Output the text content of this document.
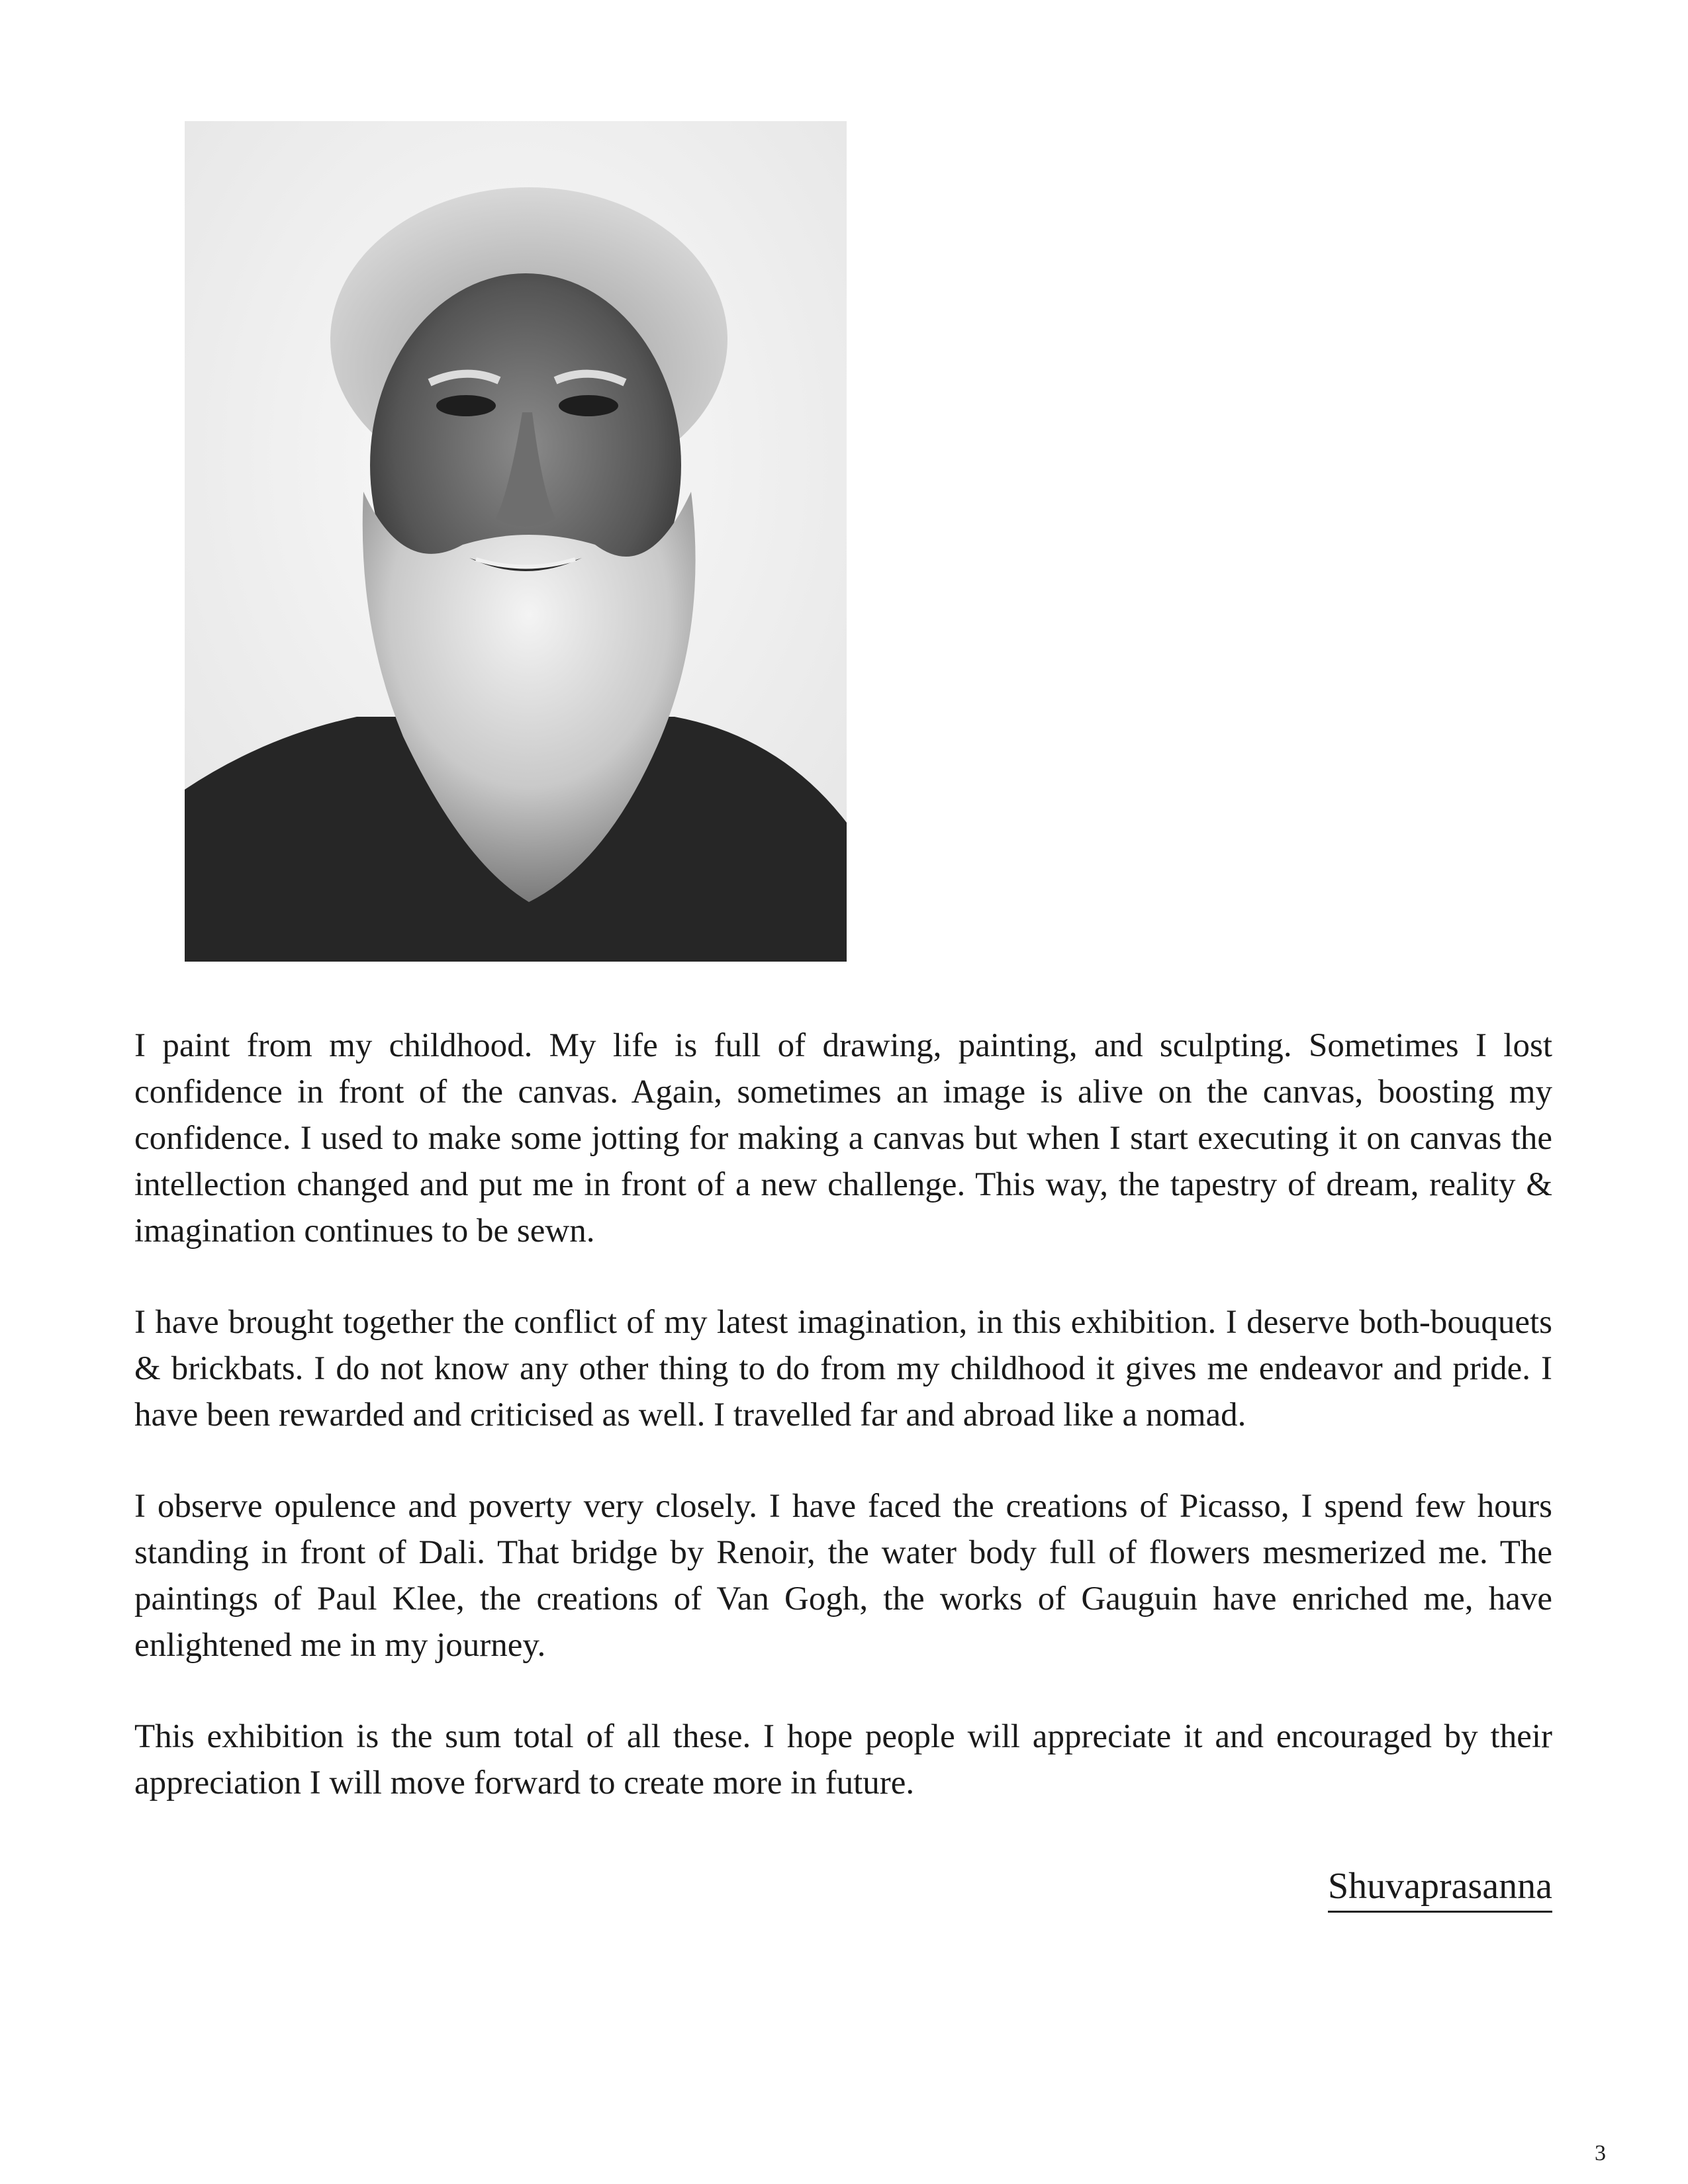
I paint from my childhood. My life is full of drawing, painting, and sculpting. Sometimes I lost confidence in front of the canvas. Again, sometimes an image is alive on the canvas, boosting my confidence. I used to make some jotting for making a canvas but when I start executing it on canvas the intellection changed and put me in front of a new challenge. This way, the tapestry of dream, reality & imagination continues to be sewn.

I have brought together the conflict of my latest imagination, in this exhibition. I deserve both-bouquets & brickbats. I do not know any other thing to do from my childhood it gives me endeavor and pride. I have been rewarded and criticised as well. I travelled far and abroad like a nomad.

I observe opulence and poverty very closely. I have faced the creations of Picasso, I spend few hours standing in front of Dali. That bridge by Renoir, the water body full of flowers mesmerized me. The paintings of Paul Klee, the creations of Van Gogh, the works of Gauguin have enriched me, have enlightened me in my journey.

This exhibition is the sum total of all these. I hope people will appreciate it and encouraged by their appreciation I will move forward to create more in future.

Shuvaprasanna
3
